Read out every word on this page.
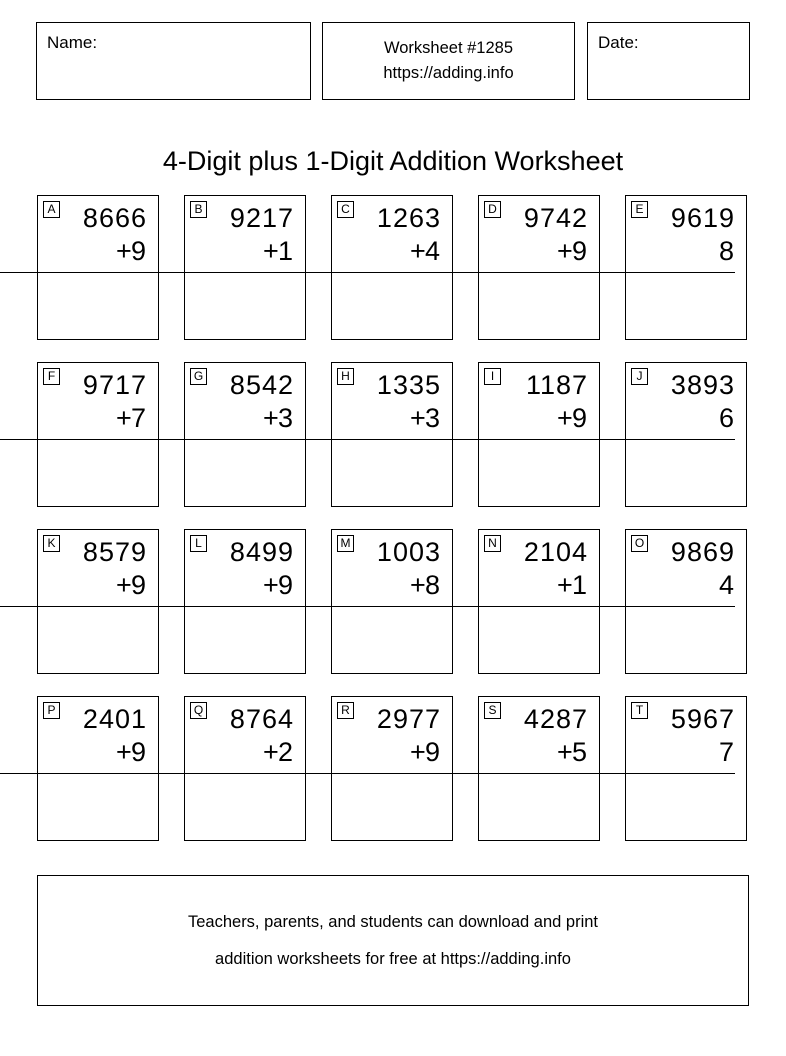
Name:	Worksheet #1285
https://adding.info
Date:
4-Digit plus 1-Digit Addition Worksheet
A	8666
9
B	9217
+	1
C	1263
+	4
D	9742
+	9
E	9619
+	8
F	9717
7
G 8542
+	3
H	1335
+	3
I	1187
+	9
J	3893
+	6
K	8579
9
L	8499
+	9
M 1003
+	8
N	2104
+	1
O 9869
+	4
P	2401
9
Q 8764
+	2
R	2977
+	9
S	4287
+	5
T	5967
+	7
Teachers, parents, and students can download and print
addition worksheets for free at https://adding.info
